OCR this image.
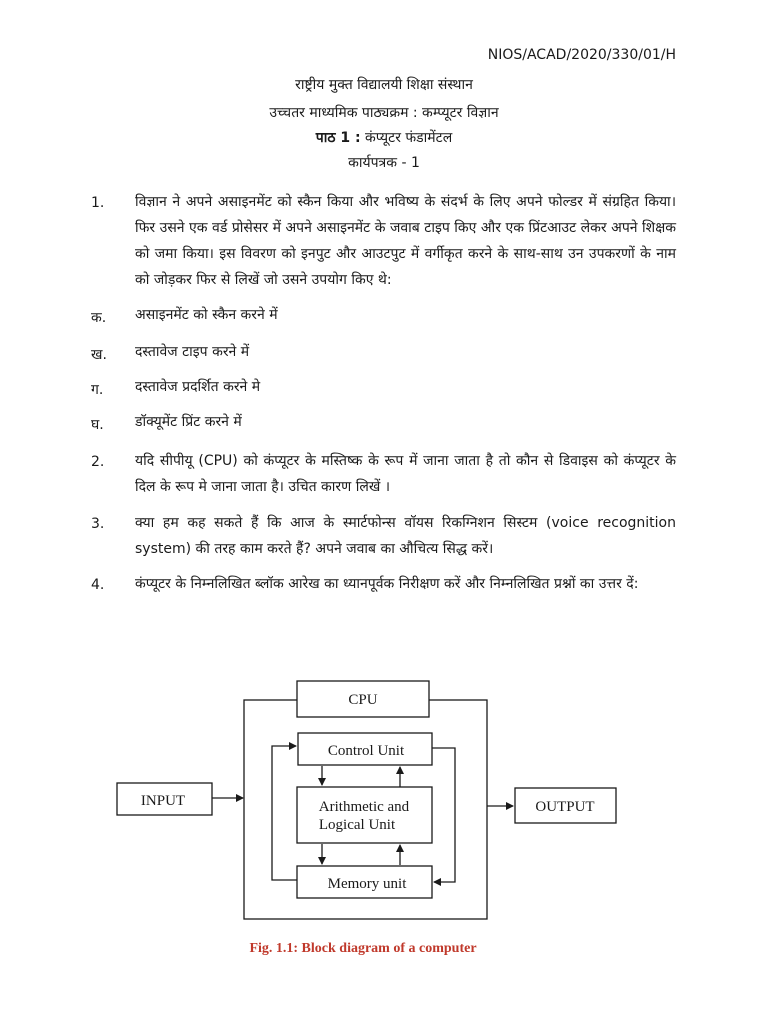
NIOS/ACAD/2020/330/01/H
राष्ट्रीय मुक्त विद्यालयी शिक्षा संस्थान
उच्चतर माध्यमिक पाठ्यक्रम : कम्प्यूटर विज्ञान
पाठ 1 : कंप्यूटर फंडामेंटल
कार्यपत्रक - 1
1. विज्ञान ने अपने असाइनमेंट को स्कैन किया और भविष्य के संदर्भ के लिए अपने फोल्डर में संग्रहित किया। फिर उसने एक वर्ड प्रोसेसर में अपने असाइनमेंट के जवाब टाइप किए और एक प्रिंटआउट लेकर अपने शिक्षक को जमा किया। इस विवरण को इनपुट और आउटपुट में वर्गीकृत करने के साथ-साथ उन उपकरणों के नाम को जोड़कर फिर से लिखें जो उसने उपयोग किए थे:
क. असाइनमेंट को स्कैन करने में
ख. दस्तावेज टाइप करने में
ग. दस्तावेज प्रदर्शित करने मे
घ. डॉक्यूमेंट प्रिंट करने में
2. यदि सीपीयू (CPU) को कंप्यूटर के मस्तिष्क के रूप में जाना जाता है तो कौन से डिवाइस को कंप्यूटर के दिल के रूप मे जाना जाता है। उचित कारण लिखें ।
3. क्या हम कह सकते हैं कि आज के स्मार्टफोन्स वॉयस रिकग्निशन सिस्टम (voice recognition system) की तरह काम करते हैं? अपने जवाब का औचित्य सिद्ध करें।
4. कंप्यूटर के निम्नलिखित ब्लॉक आरेख का ध्यानपूर्वक निरीक्षण करें और निम्नलिखित प्रश्नों का उत्तर दें:
CPU
Control Unit
Arithmetic and
Logical Unit
Memory unit
INPUT	OUTPUT
Fig. 1.1: Block diagram of a computer
